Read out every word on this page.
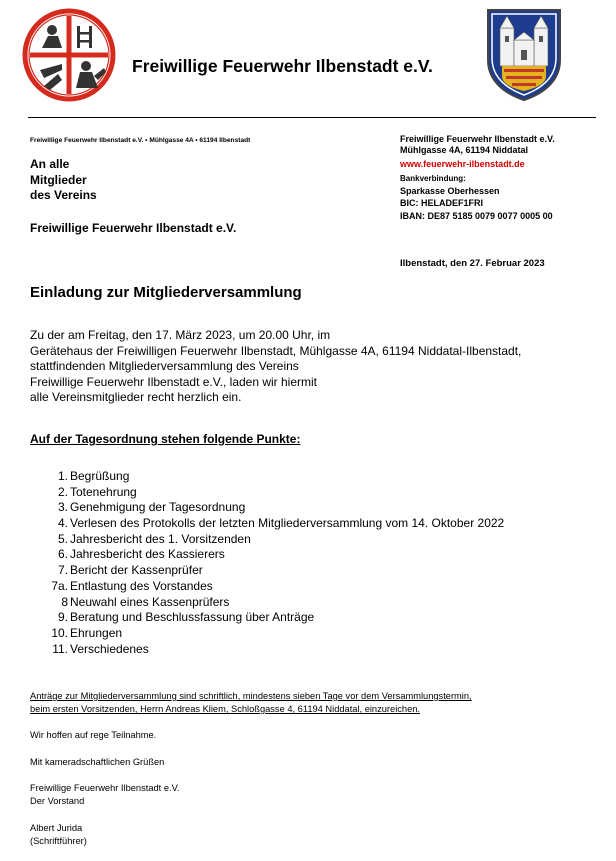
Freiwillige Feuerwehr Ilbenstadt e.V.
Freiwillige Feuerwehr Ilbenstadt e.V. • Mühlgasse 4A • 61194 Ilbenstadt
An alle
Mitglieder
des Vereins
Freiwillige Feuerwehr Ilbenstadt e.V.
Freiwillige Feuerwehr Ilbenstadt e.V.
Mühlgasse 4A, 61194 Niddatal
www.feuerwehr-ilbenstadt.de
Bankverbindung:
Sparkasse Oberhessen
BIC: HELADEF1FRI
IBAN: DE87 5185 0079 0077 0005 00
Ilbenstadt, den 27. Februar 2023
Einladung zur Mitgliederversammlung
Zu der am Freitag, den 17. März 2023, um 20.00 Uhr, im
Gerätehaus der Freiwilligen Feuerwehr Ilbenstadt, Mühlgasse 4A, 61194 Niddatal-Ilbenstadt,
stattfindenden Mitgliederversammlung des Vereins
Freiwillige Feuerwehr Ilbenstadt e.V., laden wir hiermit
alle Vereinsmitglieder recht herzlich ein.
Auf der Tagesordnung stehen folgende Punkte:
1. Begrüßung
2. Totenehrung
3. Genehmigung der Tagesordnung
4. Verlesen des Protokolls der letzten Mitgliederversammlung vom 14. Oktober 2022
5. Jahresbericht des 1. Vorsitzenden
6. Jahresbericht des Kassierers
7. Bericht der Kassenprüfer
7a. Entlastung des Vorstandes
8 Neuwahl eines Kassenprüfers
9. Beratung und Beschlussfassung über Anträge
10. Ehrungen
11. Verschiedenes
Anträge zur Mitgliederversammlung sind schriftlich, mindestens sieben Tage vor dem Versammlungstermin,
beim ersten Vorsitzenden, Herrn Andreas Kliem, Schloßgasse 4, 61194 Niddatal, einzureichen.
Wir hoffen auf rege Teilnahme.
Mit kameradschaftlichen Grüßen
Freiwillige Feuerwehr Ilbenstadt e.V.
Der Vorstand
Albert Jurida
(Schriftführer)
